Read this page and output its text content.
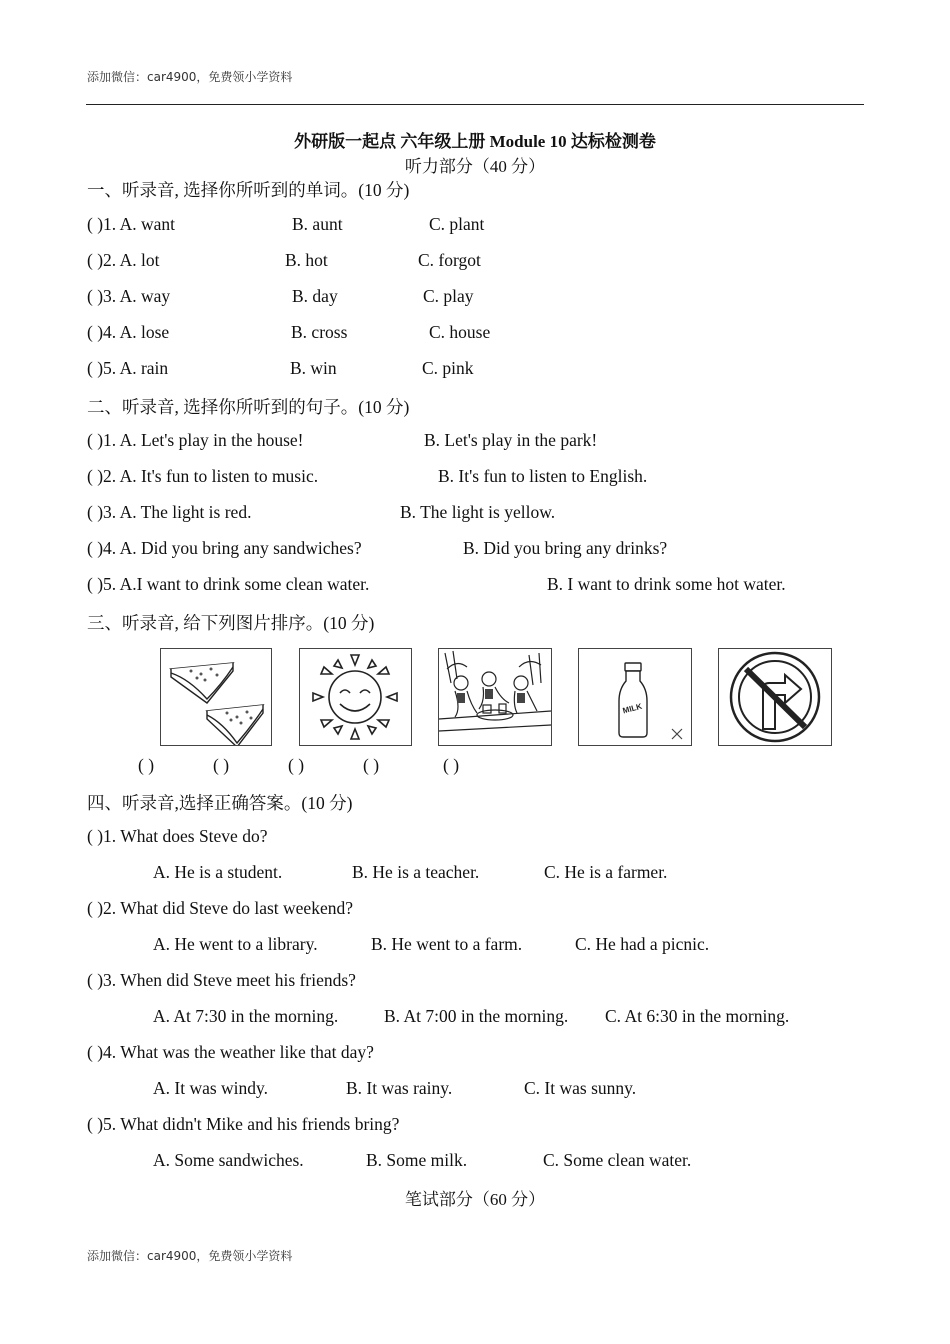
添加微信：car4900，免费领小学资料
外研版一起点 六年级上册 Module 10 达标检测卷
听力部分（40 分）
一、听录音, 选择你所听到的单词。(10 分)
( )1. A. want	B. aunt	C. plant
( )2. A. lot	B. hot	C. forgot
( )3. A. way	B. day	C. play
( )4. A. lose	B. cross	C. house
( )5. A. rain	B. win	C. pink
二、听录音, 选择你所听到的句子。(10 分)
( )1. A. Let's play in the house!	B. Let's play in the park!
( )2. A. It's fun to listen to music.	B. It's fun to listen to English.
( )3. A. The light is red.	B. The light is yellow.
( )4. A. Did you bring any sandwiches?	B. Did you bring any drinks?
( )5. A.I want to drink some clean water.	B. I want to drink some hot water.
三、听录音, 给下列图片排序。(10 分)
MILK
( )	( )	( )	( )	( )
四、听录音,选择正确答案。(10 分)
( )1. What does Steve do?
A. He is a student.	B. He is a teacher.	C. He is a farmer.
( )2. What did Steve do last weekend?
A. He went to a library.	B. He went to a farm.	C. He had a picnic.
( )3. When did Steve meet his friends?
A. At 7:30 in the morning.	B. At 7:00 in the morning. C. At 6:30 in the morning.
( )4. What was the weather like that day?
A. It was windy.	B. It was rainy.	C. It was sunny.
( )5. What didn't Mike and his friends bring?
A. Some sandwiches.	B. Some milk.	C. Some clean water.
笔试部分（60 分）
添加微信：car4900，免费领小学资料
